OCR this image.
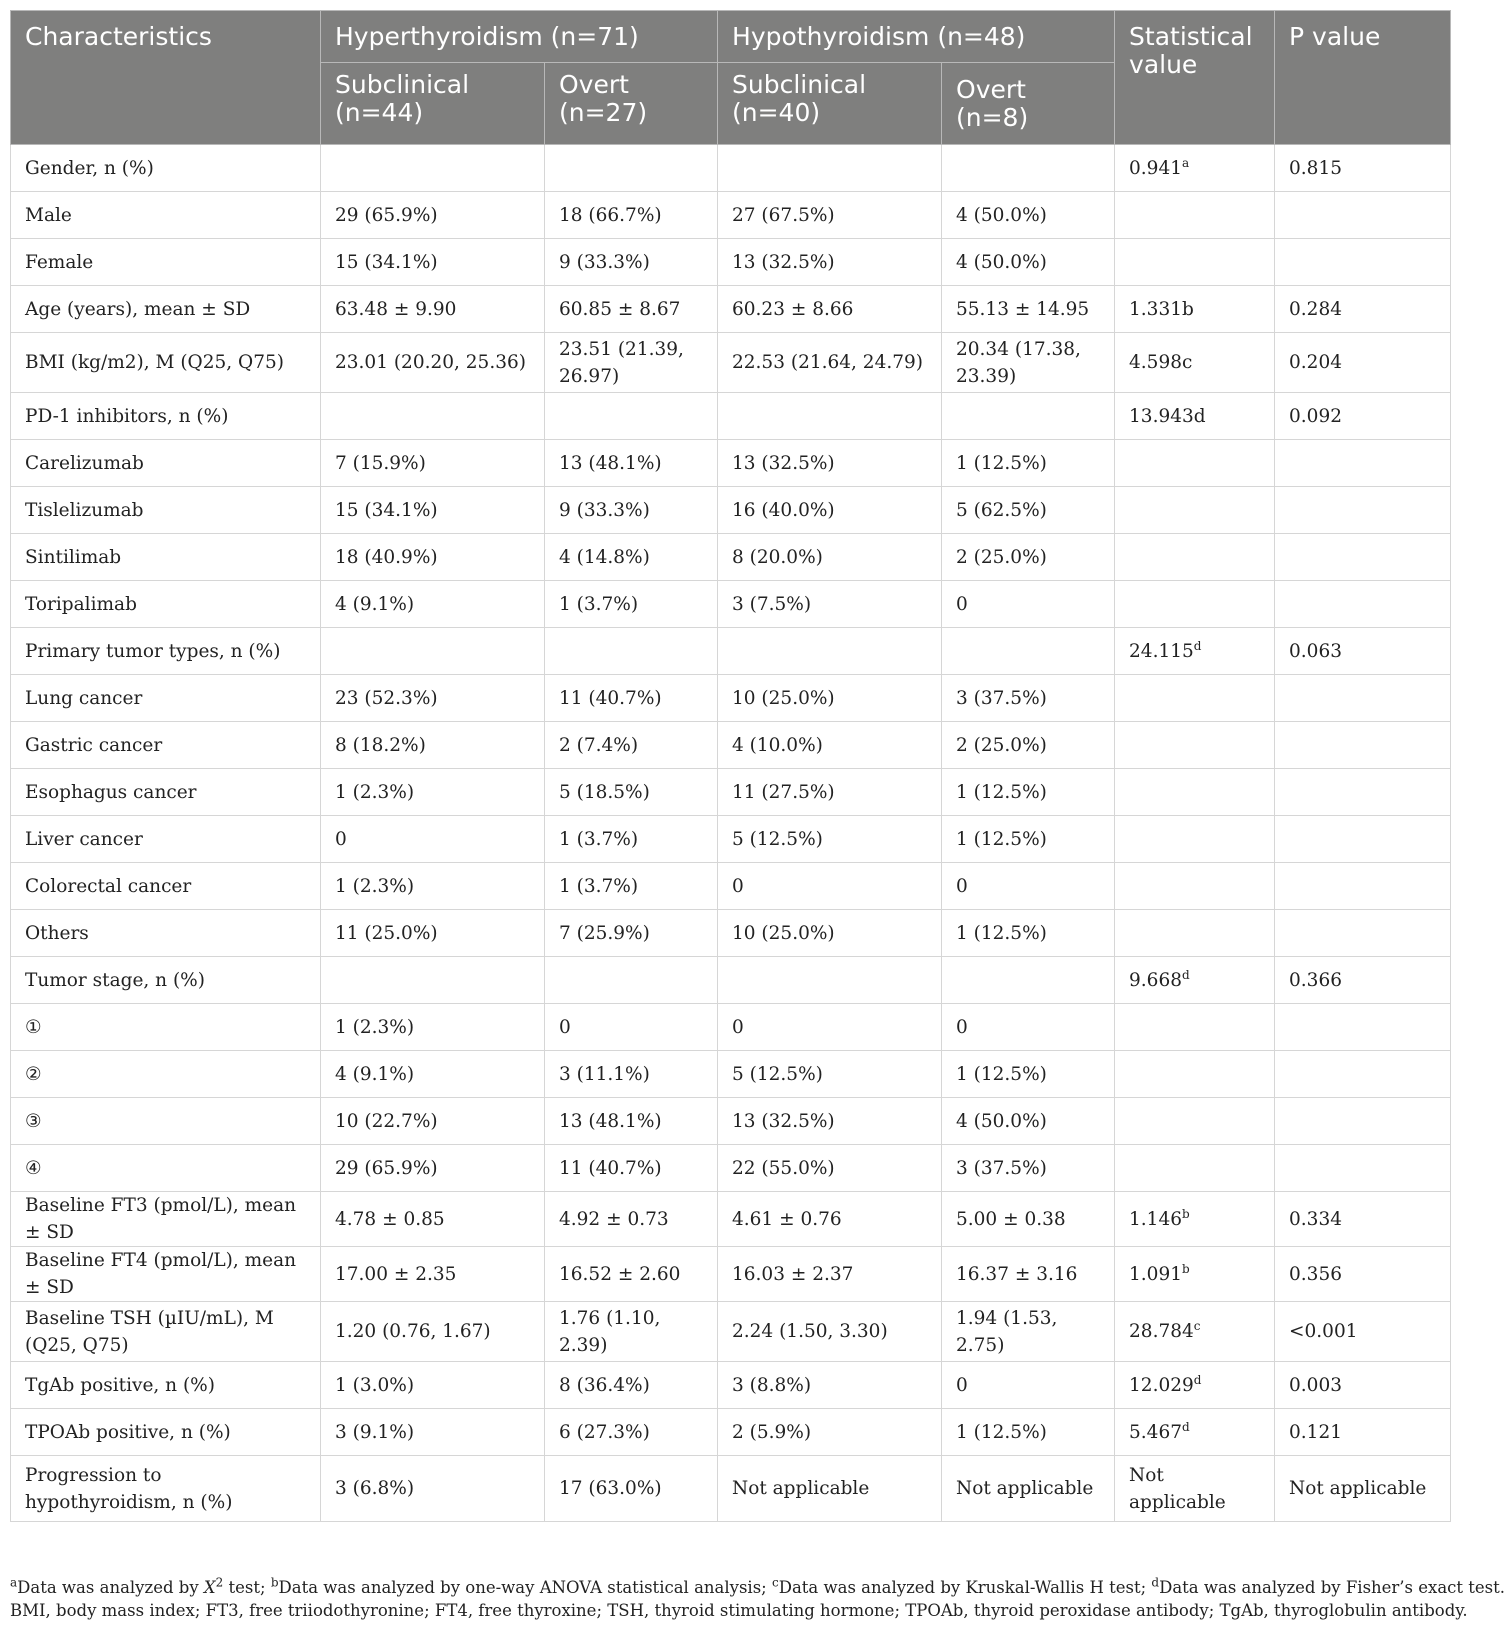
Characteristics	Hyperthyroidism (n=71)		Hypothyroidism (n=48)		Statistical value	P value
	Subclinical (n=44)	Overt (n=27)	Subclinical (n=40)	Overt (n=8)		
Gender, n (%)					0.941$^a$	0.815
Male	29 (65.9%)	18 (66.7%)	27 (67.5%)	4 (50.0%)		
Female	15 (34.1%)	9 (33.3%)	13 (32.5%)	4 (50.0%)		
Age (years), mean ± SD	63.48 ± 9.90	60.85 ± 8.67	60.23 ± 8.66	55.13 ± 14.95	1.331b	0.284
BMI (kg/m2), M (Q25, Q75)	23.01 (20.20, 25.36)	23.51 (21.39, 26.97)	22.53 (21.64, 24.79)	20.34 (17.38, 23.39)	4.598c	0.204
PD-1 inhibitors, n (%)					13.943d	0.092
Carelizumab	7 (15.9%)	13 (48.1%)	13 (32.5%)	1 (12.5%)		
Tislelizumab	15 (34.1%)	9 (33.3%)	16 (40.0%)	5 (62.5%)		
Sintilimab	18 (40.9%)	4 (14.8%)	8 (20.0%)	2 (25.0%)		
Toripalimab	4 (9.1%)	1 (3.7%)	3 (7.5%)	0		
Primary tumor types, n (%)					24.115$^d$	0.063
Lung cancer	23 (52.3%)	11 (40.7%)	10 (25.0%)	3 (37.5%)		
Gastric cancer	8 (18.2%)	2 (7.4%)	4 (10.0%)	2 (25.0%)		
Esophagus cancer	1 (2.3%)	5 (18.5%)	11 (27.5%)	1 (12.5%)		
Liver cancer	0	1 (3.7%)	5 (12.5%)	1 (12.5%)		
Colorectal cancer	1 (2.3%)	1 (3.7%)	0	0		
Others	11 (25.0%)	7 (25.9%)	10 (25.0%)	1 (12.5%)		
Tumor stage, n (%)					9.668$^d$	0.366
①	1 (2.3%)	0	0	0		
②	4 (9.1%)	3 (11.1%)	5 (12.5%)	1 (12.5%)		
③	10 (22.7%)	13 (48.1%)	13 (32.5%)	4 (50.0%)		
④	29 (65.9%)	11 (40.7%)	22 (55.0%)	3 (37.5%)		
Baseline FT3 (pmol/L), mean ± SD	4.78 ± 0.85	4.92 ± 0.73	4.61 ± 0.76	5.00 ± 0.38	1.146$^b$	0.334
Baseline FT4 (pmol/L), mean ± SD	17.00 ± 2.35	16.52 ± 2.60	16.03 ± 2.37	16.37 ± 3.16	1.091$^b$	0.356
Baseline TSH (µIU/mL), M (Q25, Q75)	1.20 (0.76, 1.67)	1.76 (1.10, 2.39)	2.24 (1.50, 3.30)	1.94 (1.53, 2.75)	28.784$^c$	<0.001
TgAb positive, n (%)	1 (3.0%)	8 (36.4%)	3 (8.8%)	0	12.029$^d$	0.003
TPOAb positive, n (%)	3 (9.1%)	6 (27.3%)	2 (5.9%)	1 (12.5%)	5.467$^d$	0.121
Progression to hypothyroidism, n (%)	3 (6.8%)	17 (63.0%)	Not applicable	Not applicable	Not applicable	Not applicable

$^a$Data was analyzed by $X^2$ test; $^b$Data was analyzed by one-way ANOVA statistical analysis; $^c$Data was analyzed by Kruskal-Wallis H test; $^d$Data was analyzed by Fisher’s exact test.

BMI, body mass index; FT3, free triiodothyronine; FT4, free thyroxine; TSH, thyroid stimulating hormone; TPOAb, thyroid peroxidase antibody; TgAb, thyroglobulin antibody.
